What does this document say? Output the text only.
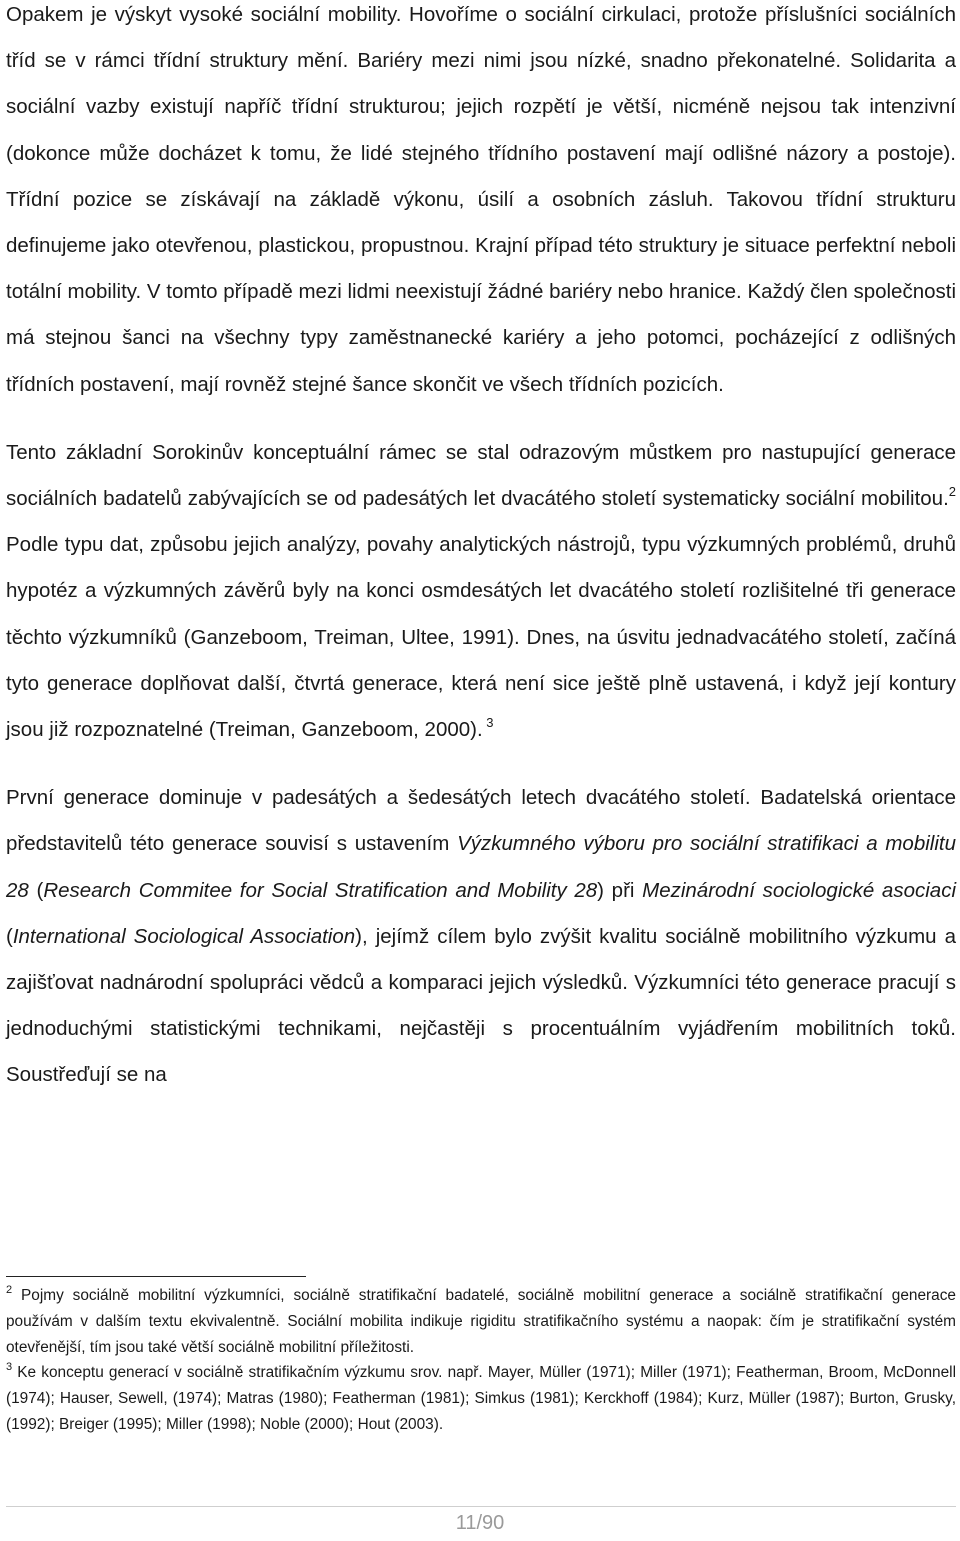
Opakem je výskyt vysoké sociální mobility. Hovoříme o sociální cirkulaci, protože příslušníci sociálních tříd se v rámci třídní struktury mění. Bariéry mezi nimi jsou nízké, snadno překonatelné. Solidarita a sociální vazby existují napříč třídní strukturou; jejich rozpětí je větší, nicméně nejsou tak intenzivní (dokonce může docházet k tomu, že lidé stejného třídního postavení mají odlišné názory a postoje). Třídní pozice se získávají na základě výkonu, úsilí a osobních zásluh. Takovou třídní strukturu definujeme jako otevřenou, plastickou, propustnou. Krajní případ této struktury je situace perfektní neboli totální mobility. V tomto případě mezi lidmi neexistují žádné bariéry nebo hranice. Každý člen společnosti má stejnou šanci na všechny typy zaměstnanecké kariéry a jeho potomci, pocházející z odlišných třídních postavení, mají rovněž stejné šance skončit ve všech třídních pozicích.

Tento základní Sorokinův konceptuální rámec se stal odrazovým můstkem pro nastupující generace sociálních badatelů zabývajících se od padesátých let dvacátého století systematicky sociální mobilitou.$^2$ Podle typu dat, způsobu jejich analýzy, povahy analytických nástrojů, typu výzkumných problémů, druhů hypotéz a výzkumných závěrů byly na konci osmdesátých let dvacátého století rozlišitelné tři generace těchto výzkumníků (Ganzeboom, Treiman, Ultee, 1991). Dnes, na úsvitu jednadvacátého století, začíná tyto generace doplňovat další, čtvrtá generace, která není sice ještě plně ustavená, i když její kontury jsou již rozpoznatelné (Treiman, Ganzeboom, 2000). $^3$

První generace dominuje v padesátých a šedesátých letech dvacátého století. Badatelská orientace představitelů této generace souvisí s ustavením Výzkumného výboru pro sociální stratifikaci a mobilitu 28 (Research Commitee for Social Stratification and Mobility 28) při Mezinárodní sociologické asociaci (International Sociological Association), jejímž cílem bylo zvýšit kvalitu sociálně mobilitního výzkumu a zajišťovat nadnárodní spolupráci vědců a komparaci jejich výsledků. Výzkumníci této generace pracují s jednoduchými statistickými technikami, nejčastěji s procentuálním vyjádřením mobilitních toků. Soustřeďují se na

$^2$ Pojmy sociálně mobilitní výzkumníci, sociálně stratifikační badatelé, sociálně mobilitní generace a sociálně stratifikační generace používám v dalším textu ekvivalentně. Sociální mobilita indikuje rigiditu stratifikačního systému a naopak: čím je stratifikační systém otevřenější, tím jsou také větší sociálně mobilitní příležitosti.

$^3$ Ke konceptu generací v sociálně stratifikačním výzkumu srov. např. Mayer, Müller (1971); Miller (1971); Featherman, Broom, McDonnell (1974); Hauser, Sewell, (1974); Matras (1980); Featherman (1981); Simkus (1981); Kerckhoff (1984); Kurz, Müller (1987); Burton, Grusky, (1992); Breiger (1995); Miller (1998); Noble (2000); Hout (2003).

11/90
